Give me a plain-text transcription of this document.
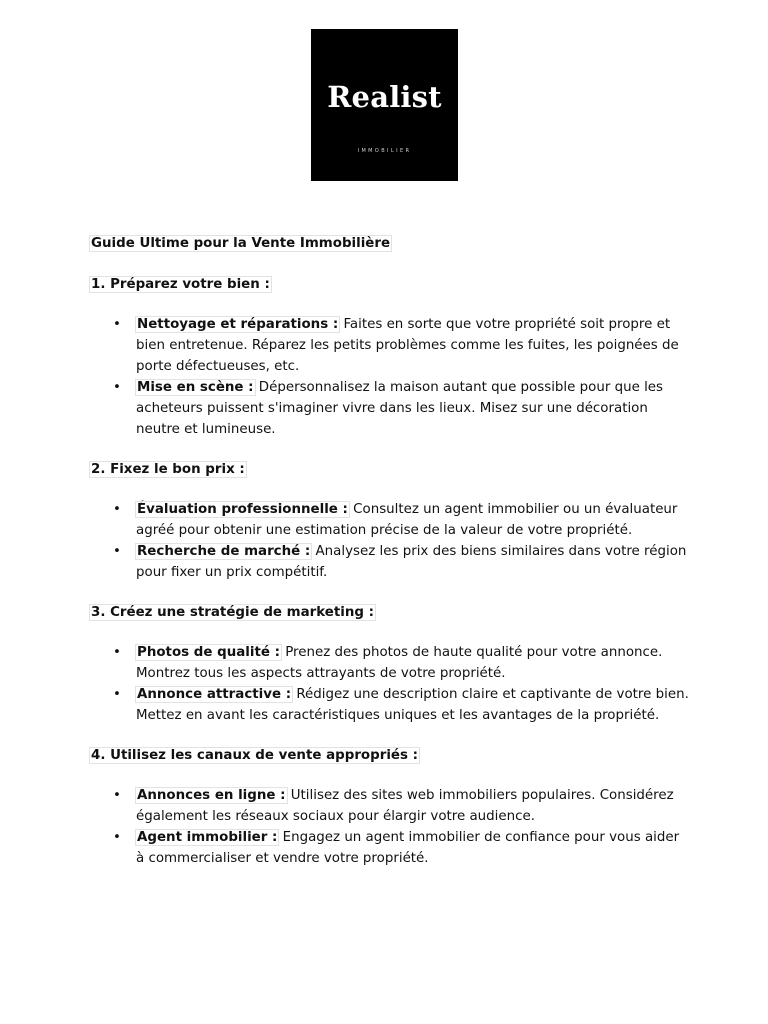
Realist
IMMOBILIER

Guide Ultime pour la Vente Immobilière

1. Préparez votre bien :

• Nettoyage et réparations : Faites en sorte que votre propriété soit propre et bien entretenue. Réparez les petits problèmes comme les fuites, les poignées de porte défectueuses, etc.
• Mise en scène : Dépersonnalisez la maison autant que possible pour que les acheteurs puissent s'imaginer vivre dans les lieux. Misez sur une décoration neutre et lumineuse.

2. Fixez le bon prix :

• Évaluation professionnelle : Consultez un agent immobilier ou un évaluateur agréé pour obtenir une estimation précise de la valeur de votre propriété.
• Recherche de marché : Analysez les prix des biens similaires dans votre région pour fixer un prix compétitif.

3. Créez une stratégie de marketing :

• Photos de qualité : Prenez des photos de haute qualité pour votre annonce. Montrez tous les aspects attrayants de votre propriété.
• Annonce attractive : Rédigez une description claire et captivante de votre bien. Mettez en avant les caractéristiques uniques et les avantages de la propriété.

4. Utilisez les canaux de vente appropriés :

• Annonces en ligne : Utilisez des sites web immobiliers populaires. Considérez également les réseaux sociaux pour élargir votre audience.
• Agent immobilier : Engagez un agent immobilier de confiance pour vous aider à commercialiser et vendre votre propriété.
